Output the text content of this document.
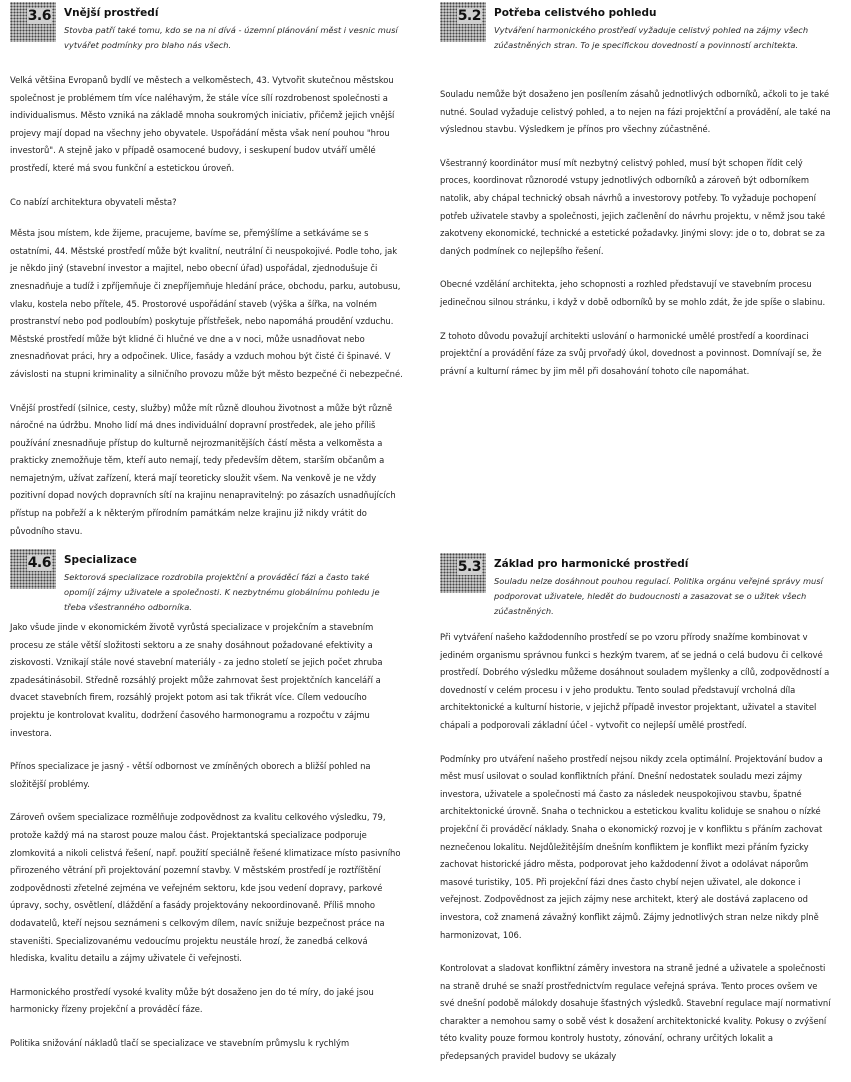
3.6 Vnější prostředí
Stovba patří také tomu, kdo se na ni dívá - územní plánování měst i vesnic musí vytvářet podmínky pro blaho nás všech.

Velká většina Evropanů bydlí ve městech a velkoměstech, 43. Vytvořit skutečnou městskou společnost je problémem tím více naléhavým, že stále více sílí rozdrobenost společnosti a individualismus. Město vzniká na základě mnoha soukromých iniciativ, přičemž jejich vnější projevy mají dopad na všechny jeho obyvatele. Uspořádání města však není pouhou "hrou investorů". A stejně jako v případě osamocené budovy, i seskupení budov utváří umělé prostředí, které má svou funkční a estetickou úroveň.

Co nabízí architektura obyvateli města?

Města jsou místem, kde žijeme, pracujeme, bavíme se, přemýšlíme a setkáváme se s ostatními, 44. Městské prostředí může být kvalitní, neutrální či neuspokojivé. Podle toho, jak je někdo jiný (stavební investor a majitel, nebo obecní úřad) uspořádal, zjednodušuje či znesnadňuje a tudíž i zpříjemňuje či znepříjemňuje hledání práce, obchodu, parku, autobusu, vlaku, kostela nebo přítele, 45. Prostorové uspořádání staveb (výška a šířka, na volném prostranství nebo pod podloubím) poskytuje přístřešek, nebo napomáhá proudění vzduchu. Městské prostředí může být klidné či hlučné ve dne a v noci, může usnadňovat nebo znesnadňovat práci, hry a odpočinek. Ulice, fasády a vzduch mohou být čisté či špinavé. V závislosti na stupni kriminality a silničního provozu může být město bezpečné či nebezpečné.

Vnější prostředí (silnice, cesty, služby) může mít různě dlouhou životnost a může být různě náročné na údržbu. Mnoho lidí má dnes individuální dopravní prostředek, ale jeho příliš používání znesnadňuje přístup do kulturně nejrozmanitějších částí města a velkoměsta a prakticky znemožňuje těm, kteří auto nemají, tedy především dětem, starším občanům a nemajetným, užívat zařízení, která mají teoreticky sloužit všem. Na venkově je ne vždy pozitivní dopad nových dopravních sítí na krajinu nenapravitelný: po zásazích usnadňujících přístup na pobřeží a k některým přírodním památkám nelze krajinu již nikdy vrátit do původního stavu.

5.2 Potřeba celistvého pohledu
Vytváření harmonického prostředí vyžaduje celistvý pohled na zájmy všech zúčastněných stran. To je specifickou dovedností a povinností architekta.

Souladu nemůže být dosaženo jen posílením zásahů jednotlivých odborníků, ačkoli to je také nutné. Soulad vyžaduje celistvý pohled, a to nejen na fázi projektční a provádění, ale také na výslednou stavbu. Výsledkem je přínos pro všechny zúčastněné.

Všestranný koordinátor musí mít nezbytný celistvý pohled, musí být schopen řídit celý proces, koordinovat různorodé vstupy jednotlivých odborníků a zároveň být odborníkem natolik, aby chápal technický obsah návrhů a investorovy potřeby. To vyžaduje pochopení potřeb uživatele stavby a společnosti, jejich začlenění do návrhu projektu, v němž jsou také zakotveny ekonomické, technické a estetické požadavky. Jinými slovy: jde o to, dobrat se za daných podmínek co nejlepšího řešení.

Obecné vzdělání architekta, jeho schopnosti a rozhled představují ve stavebním procesu jedinečnou silnou stránku, i když v době odborníků by se mohlo zdát, že jde spíše o slabinu.

Z tohoto důvodu považují architekti uslování o harmonické umělé prostředí a koordinaci projektční a provádění fáze za svůj prvořadý úkol, dovednost a povinnost. Domnívají se, že právní a kulturní rámec by jim měl při dosahování tohoto cíle napomáhat.

4.6 Specializace
Sektorová specializace rozdrobila projektční a prováděcí fázi a často také opomíjí zájmy uživatele a společnosti. K nezbytnému globálnímu pohledu je třeba všestranného odborníka.

Jako všude jinde v ekonomickém životě vyrůstá specializace v projekčním a stavebním procesu ze stále větší složitosti sektoru a ze snahy dosáhnout požadované efektivity a ziskovosti. Vznikají stále nové stavební materiály - za jedno století se jejich počet zhruba zpadesátinásobil. Středně rozsáhlý projekt může zahrnovat šest projektčních kanceláří a dvacet stavebních firem, rozsáhlý projekt potom asi tak třikrát více. Cílem vedoucího projektu je kontrolovat kvalitu, dodržení časového harmonogramu a rozpočtu v zájmu investora.

Přínos specializace je jasný - větší odbornost ve zmíněných oborech a bližší pohled na složitější problémy.

Zároveň ovšem specializace rozmělňuje zodpovědnost za kvalitu celkového výsledku, 79, protože každý má na starost pouze malou část. Projektantská specializace podporuje zlomkovitá a nikoli celistvá řešení, např. použití speciálně řešené klimatizace místo pasivního přirozeného větrání při projektování pozemní stavby. V městském prostředí je roztříštění zodpovědnosti zřetelné zejména ve veřejném sektoru, kde jsou vedení dopravy, parkové úpravy, sochy, osvětlení, dláždění a fasády projektovány nekoordinovaně. Příliš mnoho dodavatelů, kteří nejsou seznámeni s celkovým dílem, navíc snižuje bezpečnost práce na staveništi. Specializovanému vedoucímu projektu neustále hrozí, že zanedbá celková hlediska, kvalitu detailu a zájmy uživatele či veřejnosti.

Harmonického prostředí vysoké kvality může být dosaženo jen do té míry, do jaké jsou harmonicky řízeny projekční a prováděcí fáze.

Politika snižování nákladů tlačí se specializace ve stavebním průmyslu k rychlým

5.3 Základ pro harmonické prostředí
Souladu nelze dosáhnout pouhou regulací. Politika orgánu veřejné správy musí podporovat uživatele, hledět do budoucnosti a zasazovat se o užitek všech zúčastněných.

Při vytváření našeho každodenního prostředí se po vzoru přírody snažíme kombinovat v jediném organismu správnou funkci s hezkým tvarem, ať se jedná o celá budovu či celkové prostředí. Dobrého výsledku můžeme dosáhnout souladem myšlenky a cílů, zodpovědností a dovedností v celém procesu i v jeho produktu. Tento soulad představují vrcholná díla architektonické a kulturní historie, v jejichž případě investor projektant, uživatel a stavitel chápali a podporovali základní účel - vytvořit co nejlepší umělé prostředí.

Podmínky pro utváření našeho prostředí nejsou nikdy zcela optimální. Projektování budov a měst musí usilovat o soulad konfliktních přání. Dnešní nedostatek souladu mezi zájmy investora, uživatele a společnosti má často za následek neuspokojivou stavbu, špatné architektonické úrovně. Snaha o technickou a estetickou kvalitu koliduje se snahou o nízké projekční či prováděcí náklady. Snaha o ekonomický rozvoj je v konfliktu s přáním zachovat neznečenou lokalitu. Nejdůležitějším dnešním konfliktem je konflikt mezi přáním fyzicky zachovat historické jádro města, podporovat jeho každodenní život a odolávat náporům masové turistiky, 105. Při projekční fázi dnes často chybí nejen uživatel, ale dokonce i veřejnost. Zodpovědnost za jejich zájmy nese architekt, který ale dostává zaplaceno od investora, což znamená závažný konflikt zájmů. Zájmy jednotlivých stran nelze nikdy plně harmonizovat, 106.

Kontrolovat a sladovat konfliktní záměry investora na straně jedné a uživatele a společnosti na straně druhé se snaží prostřednictvím regulace veřejná správa. Tento proces ovšem ve své dnešní podobě málokdy dosahuje šťastných výsledků. Stavební regulace mají normativní charakter a nemohou samy o sobě vést k dosažení architektonické kvality. Pokusy o zvýšení této kvality pouze formou kontroly hustoty, zónování, ochrany určitých lokalit a předepsaných pravidel budovy se ukázaly
